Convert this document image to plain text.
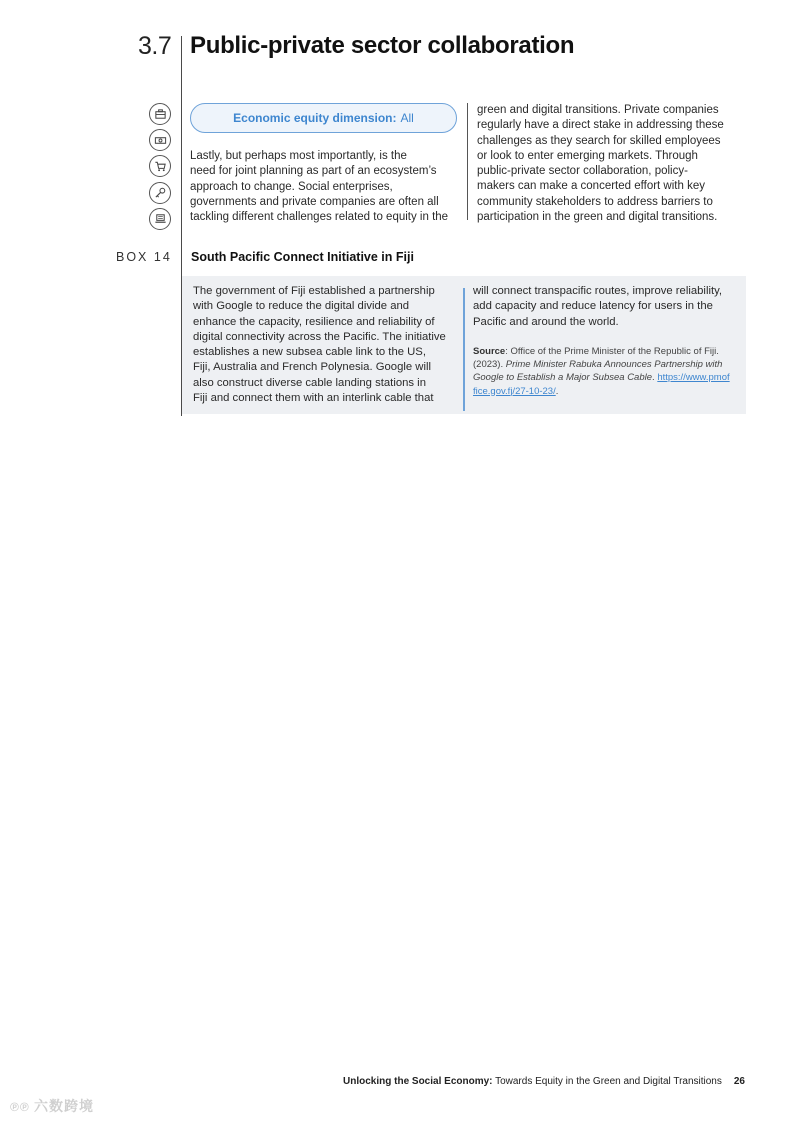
3.7 Public-private sector collaboration
Economic equity dimension: All
Lastly, but perhaps most importantly, is the
need for joint planning as part of an ecosystem’s
approach to change. Social enterprises,
governments and private companies are often all
tackling different challenges related to equity in the
green and digital transitions. Private companies
regularly have a direct stake in addressing these
challenges as they search for skilled employees
or look to enter emerging markets. Through
public-private sector collaboration, policy-
makers can make a concerted effort with key
community stakeholders to address barriers to
participation in the green and digital transitions.
BOX 14 South Pacific Connect Initiative in Fiji
The government of Fiji established a partnership
with Google to reduce the digital divide and
enhance the capacity, resilience and reliability of
digital connectivity across the Pacific. The initiative
establishes a new subsea cable link to the US,
Fiji, Australia and French Polynesia. Google will
also construct diverse cable landing stations in
Fiji and connect them with an interlink cable that
will connect transpacific routes, improve reliability,
add capacity and reduce latency for users in the
Pacific and around the world.
Source: Office of the Prime Minister of the Republic of Fiji. (2023). Prime Minister Rabuka Announces Partnership with Google to Establish a Major Subsea Cable. https://www.pmoffice.gov.fj/27-10-23/.
Unlocking the Social Economy: Towards Equity in the Green and Digital Transitions 26
℗℗ 六数跨境
